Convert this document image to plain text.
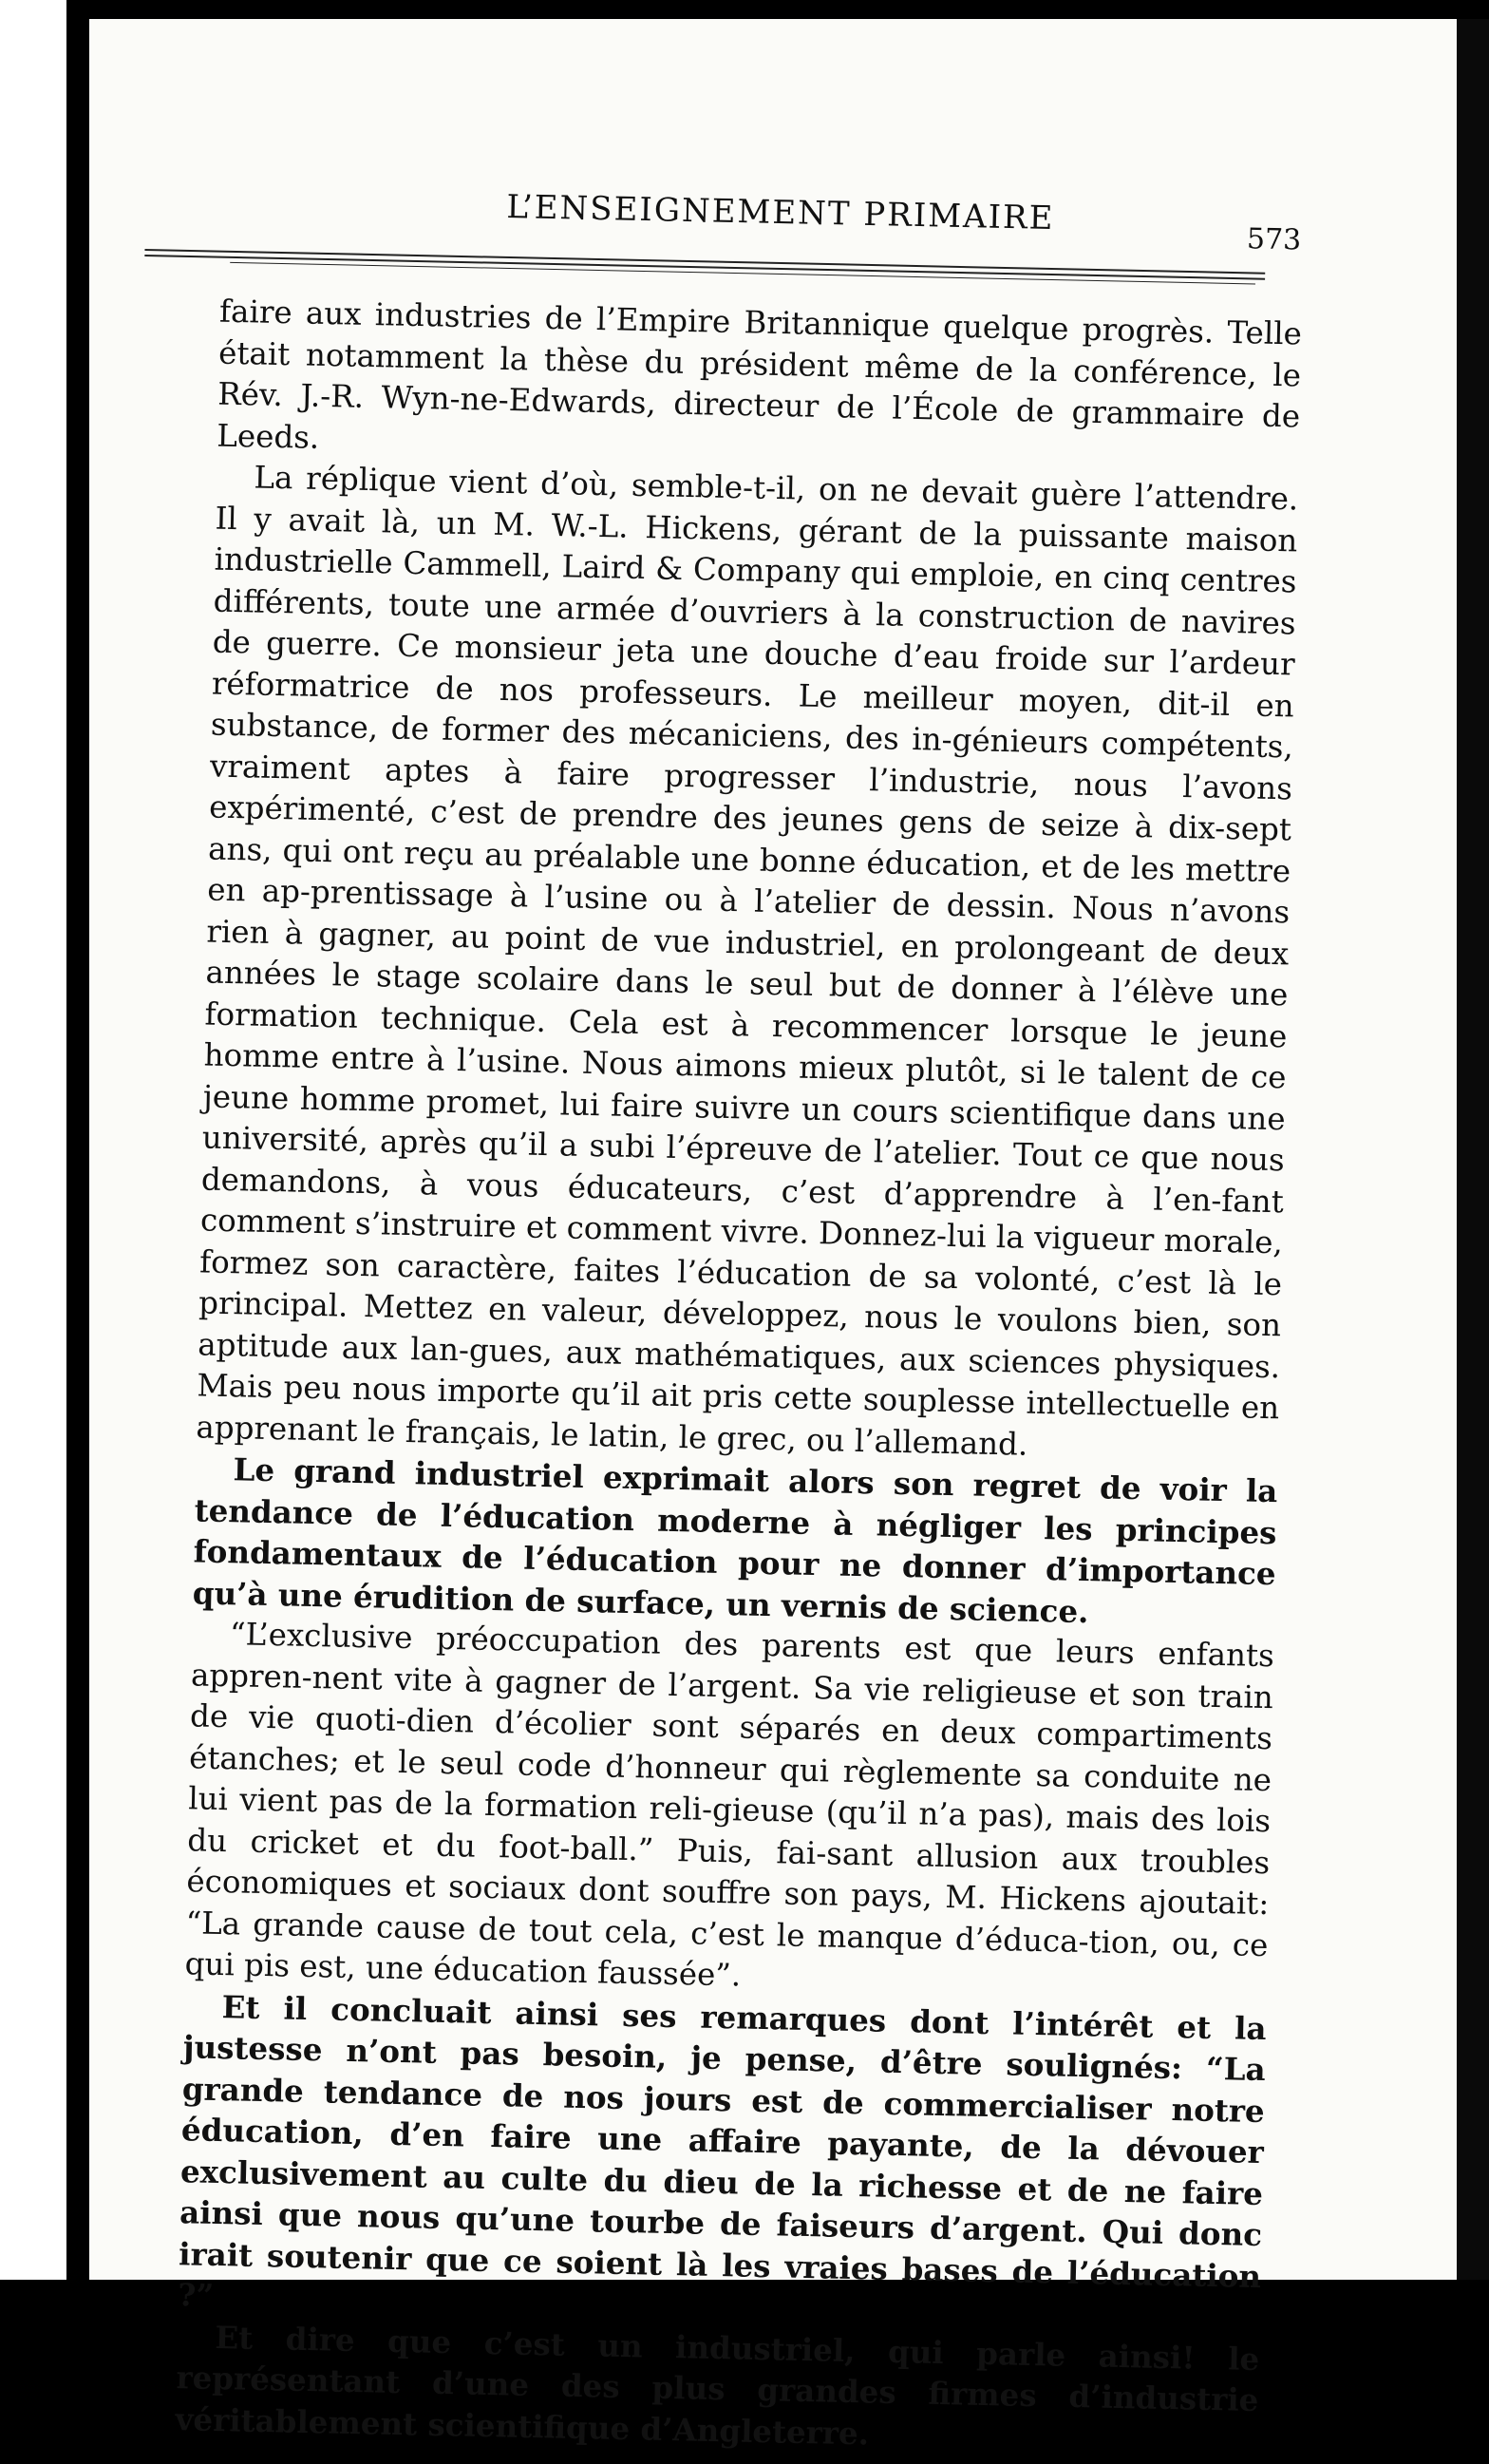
L’ENSEIGNEMENT PRIMAIRE
573

faire aux industries de l’Empire Britannique quelque progrès. Telle était notamment la thèse du président même de la conférence, le Rév. J.-R. Wyn-ne-Edwards, directeur de l’École de grammaire de Leeds.

La réplique vient d’où, semble-t-il, on ne devait guère l’attendre. Il y avait là, un M. W.-L. Hickens, gérant de la puissante maison industrielle Cammell, Laird & Company qui emploie, en cinq centres différents, toute une armée d’ouvriers à la construction de navires de guerre. Ce monsieur jeta une douche d’eau froide sur l’ardeur réformatrice de nos professeurs. Le meilleur moyen, dit-il en substance, de former des mécaniciens, des in-génieurs compétents, vraiment aptes à faire progresser l’industrie, nous l’avons expérimenté, c’est de prendre des jeunes gens de seize à dix-sept ans, qui ont reçu au préalable une bonne éducation, et de les mettre en ap-prentissage à l’usine ou à l’atelier de dessin. Nous n’avons rien à gagner, au point de vue industriel, en prolongeant de deux années le stage scolaire dans le seul but de donner à l’élève une formation technique. Cela est à recommencer lorsque le jeune homme entre à l’usine. Nous aimons mieux plutôt, si le talent de ce jeune homme promet, lui faire suivre un cours scientifique dans une université, après qu’il a subi l’épreuve de l’atelier. Tout ce que nous demandons, à vous éducateurs, c’est d’apprendre à l’en-fant comment s’instruire et comment vivre. Donnez-lui la vigueur morale, formez son caractère, faites l’éducation de sa volonté, c’est là le principal. Mettez en valeur, développez, nous le voulons bien, son aptitude aux lan-gues, aux mathématiques, aux sciences physiques. Mais peu nous importe qu’il ait pris cette souplesse intellectuelle en apprenant le français, le latin, le grec, ou l’allemand.

Le grand industriel exprimait alors son regret de voir la tendance de l’éducation moderne à négliger les principes fondamentaux de l’éducation pour ne donner d’importance qu’à une érudition de surface, un vernis de science.

“L’exclusive préoccupation des parents est que leurs enfants appren-nent vite à gagner de l’argent. Sa vie religieuse et son train de vie quoti-dien d’écolier sont séparés en deux compartiments étanches; et le seul code d’honneur qui règlemente sa conduite ne lui vient pas de la formation reli-gieuse (qu’il n’a pas), mais des lois du cricket et du foot-ball.” Puis, fai-sant allusion aux troubles économiques et sociaux dont souffre son pays, M. Hickens ajoutait: “La grande cause de tout cela, c’est le manque d’éduca-tion, ou, ce qui pis est, une éducation faussée”.

Et il concluait ainsi ses remarques dont l’intérêt et la justesse n’ont pas besoin, je pense, d’être soulignés: “La grande tendance de nos jours est de commercialiser notre éducation, d’en faire une affaire payante, de la dévouer exclusivement au culte du dieu de la richesse et de ne faire ainsi que nous qu’une tourbe de faiseurs d’argent. Qui donc irait soutenir que ce soient là les vraies bases de l’éducation ?”

Et dire que c’est un industriel, qui parle ainsi! le représentant d’une des plus grandes firmes d’industrie véritablement scientifique d’Angleterre.
